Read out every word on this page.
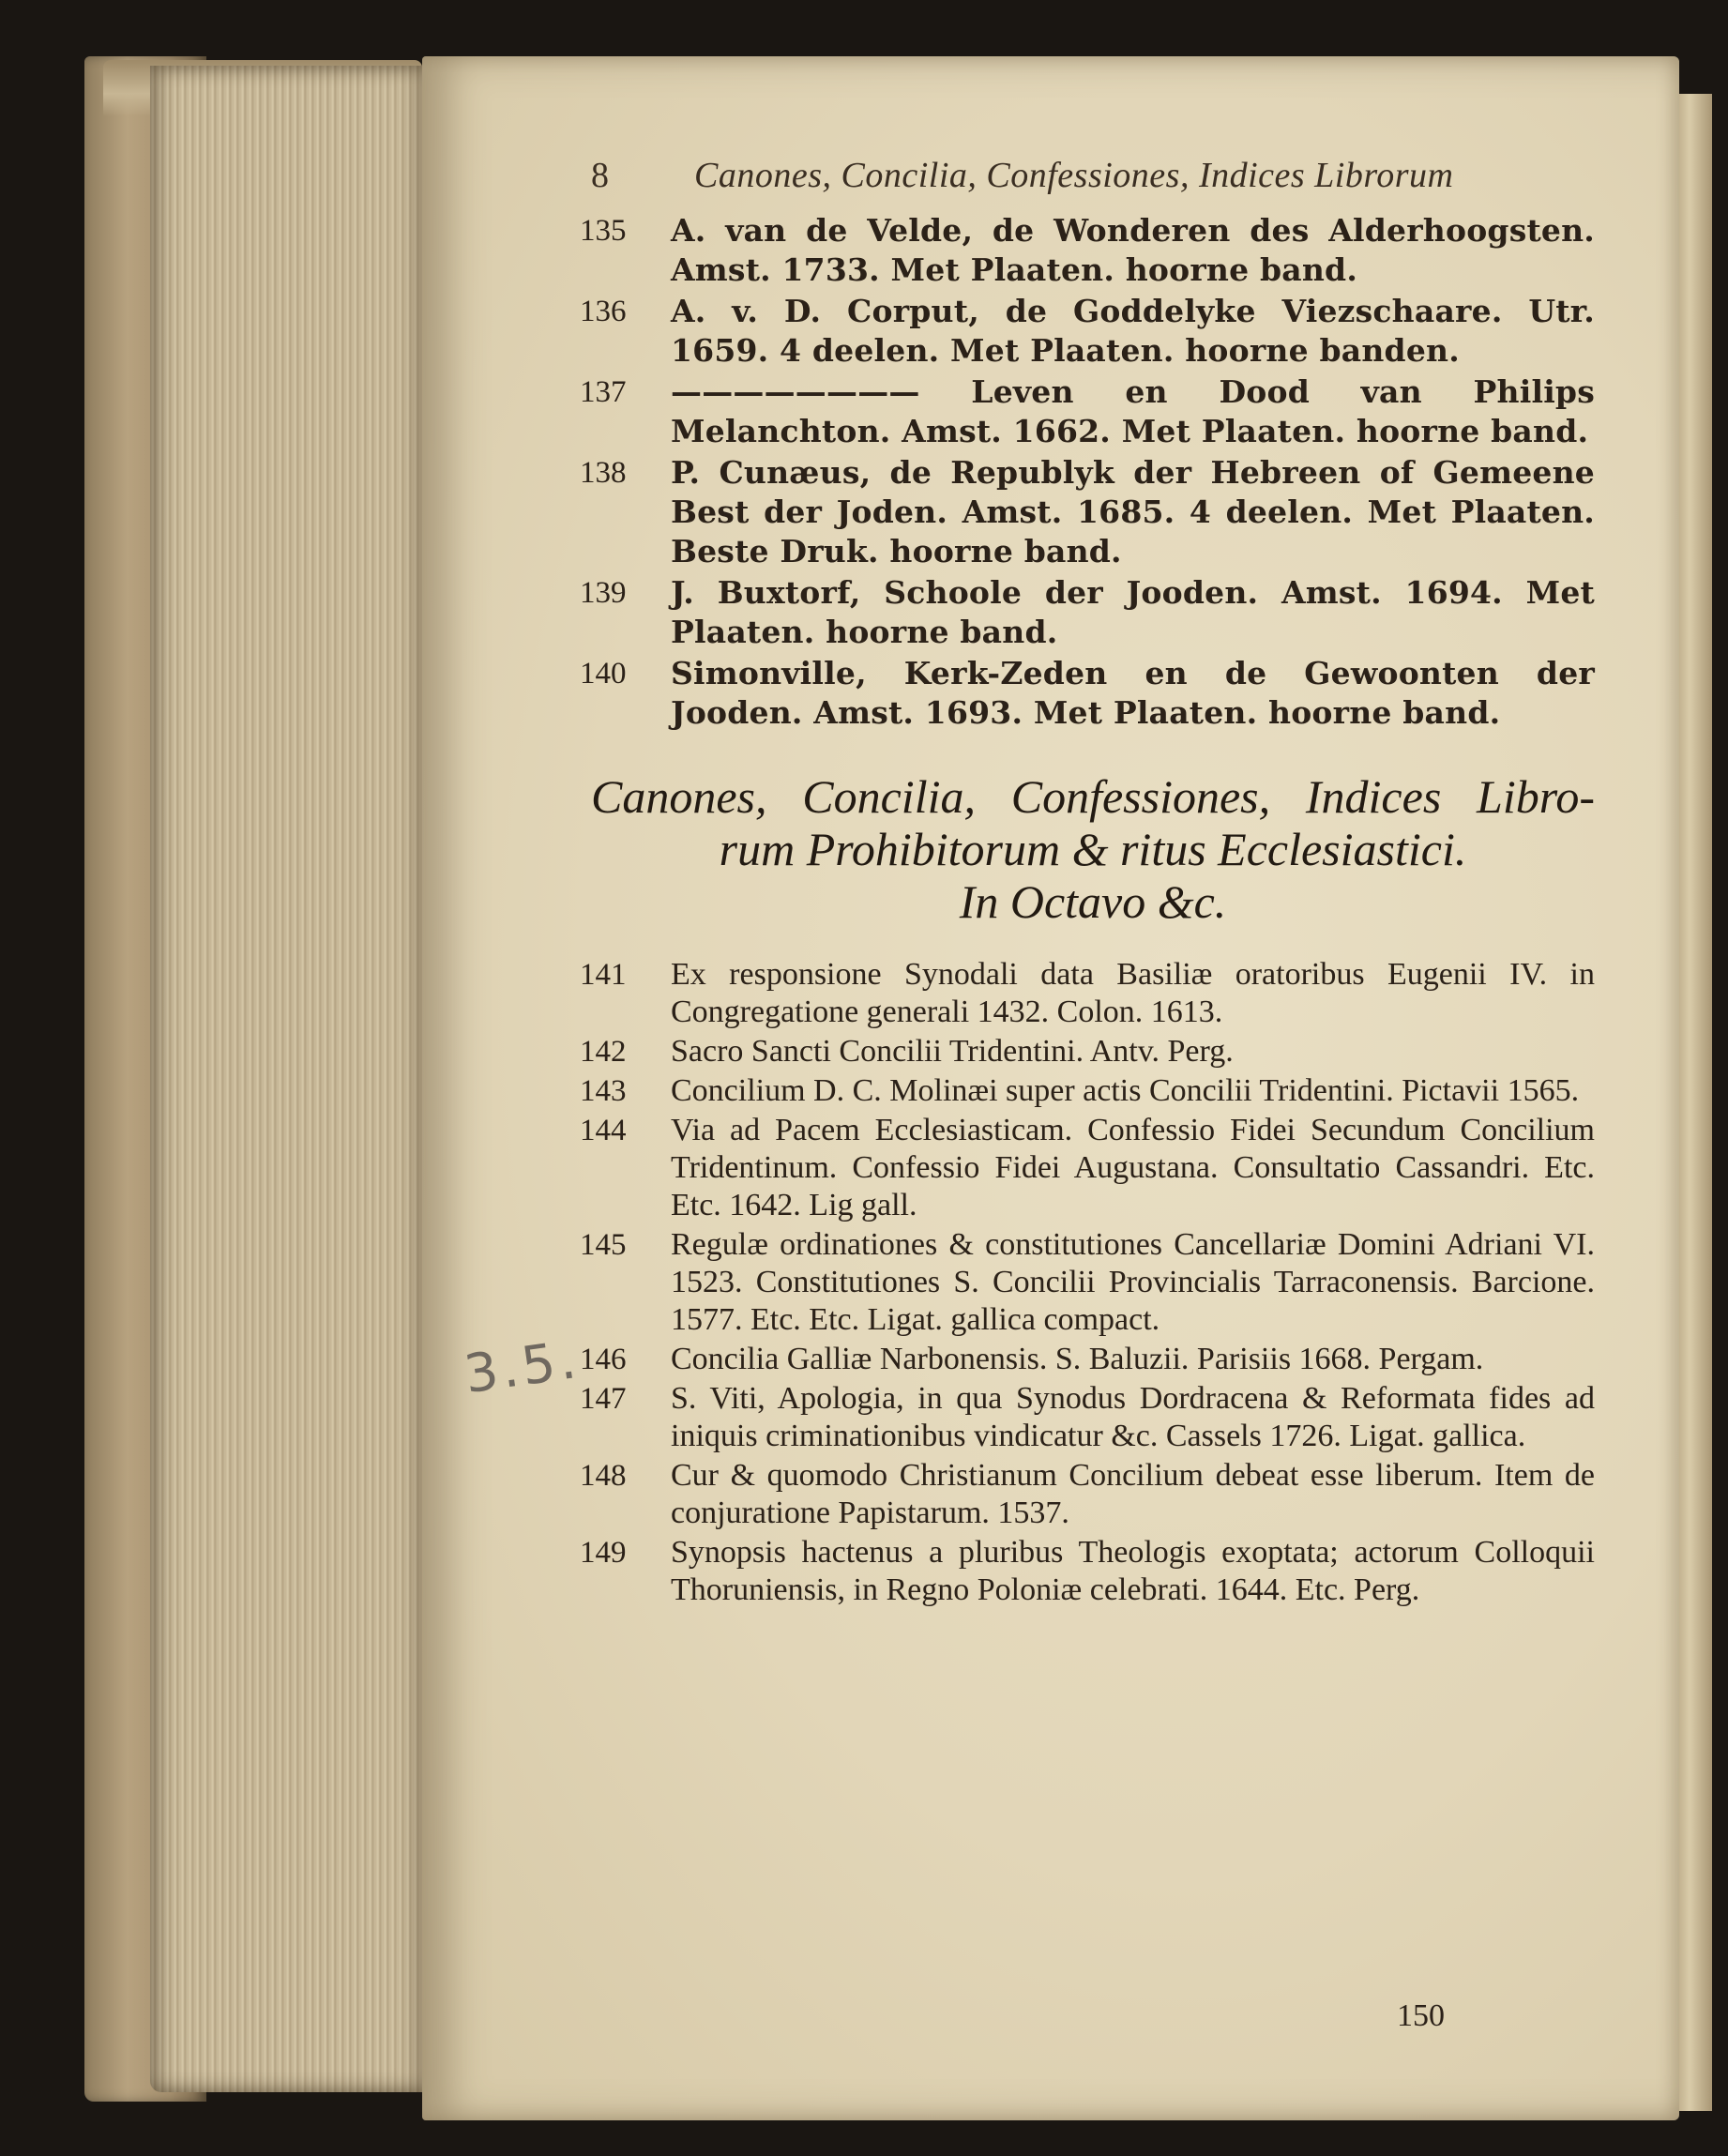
3.5.
8 Canones, Concilia, Confessiones, Indices Librorum
135 A. van de Velde, de Wonderen des Alderhoogsten. Amst. 1733. Met Plaaten. hoorne band.
136 A. v. D. Corput, de Goddelyke Viezschaare. Utr. 1659. 4 deelen. Met Plaaten. hoorne banden.
137 ———————— Leven en Dood van Philips Melanchton. Amst. 1662. Met Plaaten. hoorne band.
138 P. Cunæus, de Republyk der Hebreen of Gemeene Best der Joden. Amst. 1685. 4 deelen. Met Plaaten. Beste Druk. hoorne band.
139 J. Buxtorf, Schoole der Jooden. Amst. 1694. Met Plaaten. hoorne band.
140 Simonville, Kerk-Zeden en de Gewoonten der Jooden. Amst. 1693. Met Plaaten. hoorne band.
Canones, Concilia, Confessiones, Indices Libro-
rum Prohibitorum & ritus Ecclesiastici.
In Octavo &c.
141 Ex responsione Synodali data Basiliæ oratoribus Eugenii IV. in Congregatione generali 1432. Colon. 1613.
142 Sacro Sancti Concilii Tridentini. Antv. Perg.
143 Concilium D. C. Molinæi super actis Concilii Tridentini. Pictavii 1565.
144 Via ad Pacem Ecclesiasticam. Confessio Fidei Secundum Concilium Tridentinum. Confessio Fidei Augustana. Consultatio Cassandri. Etc. Etc. 1642. Lig gall.
145 Regulæ ordinationes & constitutiones Cancellariæ Domini Adriani VI. 1523. Constitutiones S. Concilii Provincialis Tarraconensis. Barcione. 1577. Etc. Etc. Ligat. gallica compact.
146 Concilia Galliæ Narbonensis. S. Baluzii. Parisiis 1668. Pergam.
147 S. Viti, Apologia, in qua Synodus Dordracena & Reformata fides ad iniquis criminationibus vindicatur &c. Cassels 1726. Ligat. gallica.
148 Cur & quomodo Christianum Concilium debeat esse liberum. Item de conjuratione Papistarum. 1537.
149 Synopsis hactenus a pluribus Theologis exoptata; actorum Colloquii Thoruniensis, in Regno Poloniæ celebrati. 1644. Etc. Perg.
150
